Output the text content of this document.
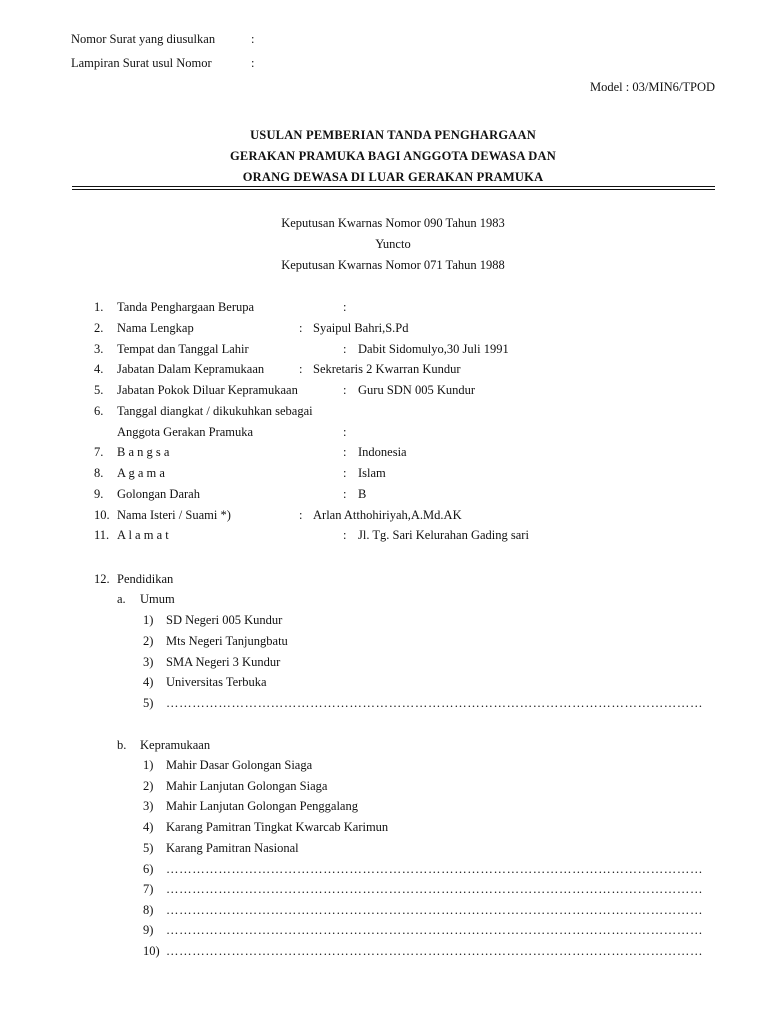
Nomor Surat yang diusulkan	:
Lampiran Surat usul Nomor	:
Model : 03/MIN6/TPOD
USULAN PEMBERIAN TANDA PENGHARGAAN
GERAKAN PRAMUKA BAGI ANGGOTA DEWASA DAN
ORANG DEWASA DI LUAR GERAKAN PRAMUKA
Keputusan Kwarnas Nomor 090 Tahun 1983
Yuncto
Keputusan Kwarnas Nomor 071 Tahun 1988
1. Tanda Penghargaan Berupa	:
2. Nama Lengkap	: Syaipul Bahri,S.Pd
3. Tempat dan Tanggal Lahir	: Dabit Sidomulyo,30 Juli 1991
4. Jabatan Dalam Kepramukaan	: Sekretaris 2 Kwarran Kundur
5. Jabatan Pokok Diluar Kepramukaan	: Guru SDN 005 Kundur
6. Tanggal diangkat / dikukuhkan sebagai
Anggota Gerakan Pramuka	:
7. B a n g s a	: Indonesia
8. A g a m a	: Islam
9. Golongan Darah	: B
10. Nama Isteri / Suami *)	: Arlan Atthohiriyah,A.Md.AK
11. A l a m a t	: Jl. Tg. Sari Kelurahan Gading sari
12. Pendidikan
a. Umum
1) SD Negeri 005 Kundur
2) Mts Negeri Tanjungbatu
3) SMA Negeri 3 Kundur
4) Universitas Terbuka
5) ……………………………………………………………………………………………………………
b. Kepramukaan
1) Mahir Dasar Golongan Siaga
2) Mahir Lanjutan Golongan Siaga
3) Mahir Lanjutan Golongan Penggalang
4) Karang Pamitran Tingkat Kwarcab Karimun
5) Karang Pamitran Nasional
6) ……………………………………………………………………………………………………………
7) ……………………………………………………………………………………………………………
8) ……………………………………………………………………………………………………………
9) ……………………………………………………………………………………………………………
10) ……………………………………………………………………………………………………………
